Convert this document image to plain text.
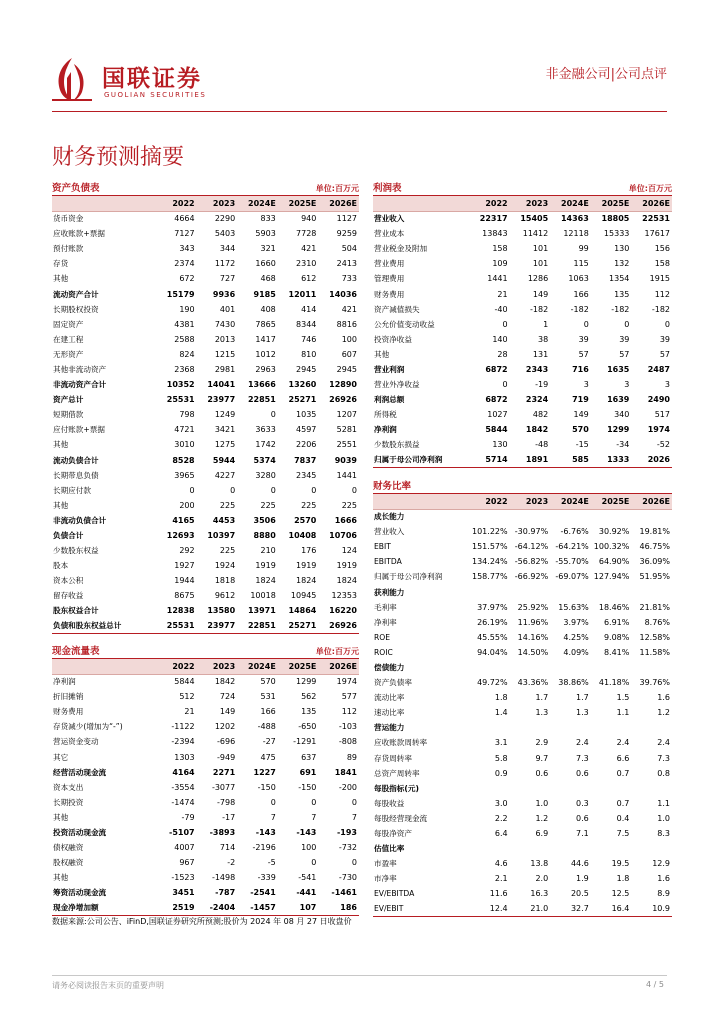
国联证券
GUOLIAN SECURITIES
非金融公司|公司点评
财务预测摘要
资产负债表	单位:百万元
	2022	2023	2024E	2025E	2026E
货币资金	4664	2290	833	940	1127
应收账款+票据	7127	5403	5903	7728	9259
预付账款	343	344	321	421	504
存货	2374	1172	1660	2310	2413
其他	672	727	468	612	733
流动资产合计	15179	9936	9185	12011	14036
长期股权投资	190	401	408	414	421
固定资产	4381	7430	7865	8344	8816
在建工程	2588	2013	1417	746	100
无形资产	824	1215	1012	810	607
其他非流动资产	2368	2981	2963	2945	2945
非流动资产合计	10352	14041	13666	13260	12890
资产总计	25531	23977	22851	25271	26926
短期借款	798	1249	0	1035	1207
应付账款+票据	4721	3421	3633	4597	5281
其他	3010	1275	1742	2206	2551
流动负债合计	8528	5944	5374	7837	9039
长期带息负债	3965	4227	3280	2345	1441
长期应付款	0	0	0	0	0
其他	200	225	225	225	225
非流动负债合计	4165	4453	3506	2570	1666
负债合计	12693	10397	8880	10408	10706
少数股东权益	292	225	210	176	124
股本	1927	1924	1919	1919	1919
资本公积	1944	1818	1824	1824	1824
留存收益	8675	9612	10018	10945	12353
股东权益合计	12838	13580	13971	14864	16220
负债和股东权益总计	25531	23977	22851	25271	26926
现金流量表	单位:百万元
	2022	2023	2024E	2025E	2026E
净利润	5844	1842	570	1299	1974
折旧摊销	512	724	531	562	577
财务费用	21	149	166	135	112
存货减少(增加为“-”)	-1122	1202	-488	-650	-103
营运资金变动	-2394	-696	-27	-1291	-808
其它	1303	-949	475	637	89
经营活动现金流	4164	2271	1227	691	1841
资本支出	-3554	-3077	-150	-150	-200
长期投资	-1474	-798	0	0	0
其他	-79	-17	7	7	7
投资活动现金流	-5107	-3893	-143	-143	-193
债权融资	4007	714	-2196	100	-732
股权融资	967	-2	-5	0	0
其他	-1523	-1498	-339	-541	-730
筹资活动现金流	3451	-787	-2541	-441	-1461
现金净增加额	2519	-2404	-1457	107	186
利润表	单位:百万元
	2022	2023	2024E	2025E	2026E
营业收入	22317	15405	14363	18805	22531
营业成本	13843	11412	12118	15333	17617
营业税金及附加	158	101	99	130	156
营业费用	109	101	115	132	158
管理费用	1441	1286	1063	1354	1915
财务费用	21	149	166	135	112
资产减值损失	-40	-182	-182	-182	-182
公允价值变动收益	0	1	0	0	0
投资净收益	140	38	39	39	39
其他	28	131	57	57	57
营业利润	6872	2343	716	1635	2487
营业外净收益	0	-19	3	3	3
利润总额	6872	2324	719	1639	2490
所得税	1027	482	149	340	517
净利润	5844	1842	570	1299	1974
少数股东损益	130	-48	-15	-34	-52
归属于母公司净利润	5714	1891	585	1333	2026
财务比率
	2022	2023	2024E	2025E	2026E
成长能力					
营业收入	101.22%	-30.97%	-6.76%	30.92%	19.81%
EBIT	151.57%	-64.12%	-64.21%	100.32%	46.75%
EBITDA	134.24%	-56.82%	-55.70%	64.90%	36.09%
归属于母公司净利润	158.77%	-66.92%	-69.07%	127.94%	51.95%
获利能力					
毛利率	37.97%	25.92%	15.63%	18.46%	21.81%
净利率	26.19%	11.96%	3.97%	6.91%	8.76%
ROE	45.55%	14.16%	4.25%	9.08%	12.58%
ROIC	94.04%	14.50%	4.09%	8.41%	11.58%
偿债能力					
资产负债率	49.72%	43.36%	38.86%	41.18%	39.76%
流动比率	1.8	1.7	1.7	1.5	1.6
速动比率	1.4	1.3	1.3	1.1	1.2
营运能力					
应收账款周转率	3.1	2.9	2.4	2.4	2.4
存货周转率	5.8	9.7	7.3	6.6	7.3
总资产周转率	0.9	0.6	0.6	0.7	0.8
每股指标(元)					
每股收益	3.0	1.0	0.3	0.7	1.1
每股经营现金流	2.2	1.2	0.6	0.4	1.0
每股净资产	6.4	6.9	7.1	7.5	8.3
估值比率					
市盈率	4.6	13.8	44.6	19.5	12.9
市净率	2.1	2.0	1.9	1.8	1.6
EV/EBITDA	11.6	16.3	20.5	12.5	8.9
EV/EBIT	12.4	21.0	32.7	16.4	10.9
数据来源:公司公告、iFinD,国联证券研究所预测;股价为 2024 年 08 月 27 日收盘价
请务必阅读报告末页的重要声明	4 / 5
